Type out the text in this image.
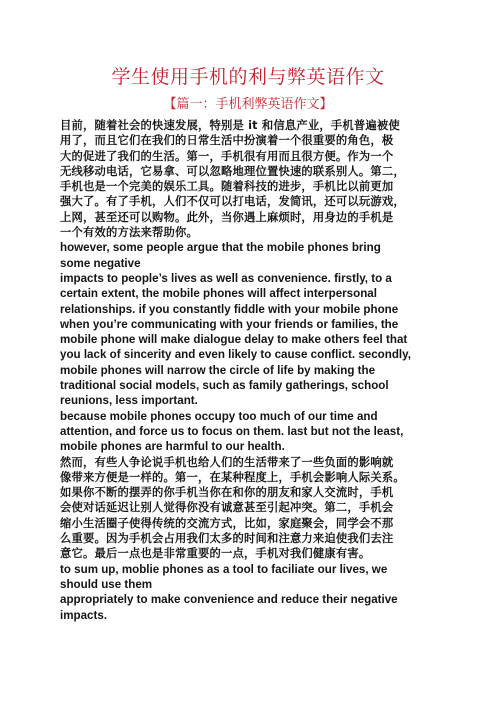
学生使用手机的利与弊英语作文
【篇一：手机利弊英语作文】
目前，随着社会的快速发展，特别是 it 和信息产业，手机普遍被使
用了，而且它们在我们的日常生活中扮演着一个很重要的角色，极
大的促进了我们的生活。第一，手机很有用而且很方便。作为一个
无线移动电话，它易拿、可以忽略地理位置快速的联系别人。第二，
手机也是一个完美的娱乐工具。随着科技的进步，手机比以前更加
强大了。有了手机，人们不仅可以打电话，发简讯，还可以玩游戏，
上网，甚至还可以购物。此外，当你遇上麻烦时，用身边的手机是
一个有效的方法来帮助你。
however, some people argue that the mobile phones bring
some negative
impacts to people’s lives as well as convenience. firstly, to a
certain extent, the mobile phones will affect interpersonal
relationships. if you constantly fiddle with your mobile phone
when you’re communicating with your friends or families, the
mobile phone will make dialogue delay to make others feel that
you lack of sincerity and even likely to cause conflict. secondly,
mobile phones will narrow the circle of life by making the
traditional social models, such as family gatherings, school
reunions, less important.
because mobile phones occupy too much of our time and
attention, and force us to focus on them. last but not the least,
mobile phones are harmful to our health.
然而，有些人争论说手机也给人们的生活带来了一些负面的影响就
像带来方便是一样的。第一，在某种程度上，手机会影响人际关系。
如果你不断的摆弄的你手机当你在和你的朋友和家人交流时，手机
会使对话延迟让别人觉得你没有诚意甚至引起冲突。第二，手机会
缩小生活圈子使得传统的交流方式，比如，家庭聚会，同学会不那
么重要。因为手机会占用我们太多的时间和注意力来迫使我们去注
意它。最后一点也是非常重要的一点，手机对我们健康有害。
to sum up, moblie phones as a tool to faciliate our lives, we
should use them
appropriately to make convenience and reduce their negative
impacts.
